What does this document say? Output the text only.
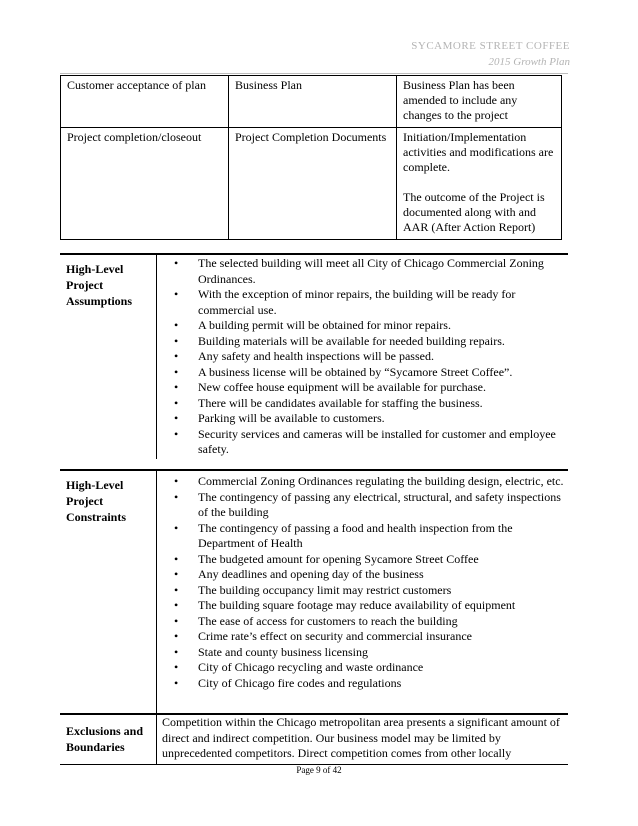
SYCAMORE STREET COFFEE
2015 Growth Plan
Customer acceptance of plan	Business Plan	Business Plan has been amended to include any changes to the project

Project completion/closeout	Project Completion Documents	Initiation/Implementation activities and modifications are complete.

The outcome of the Project is documented along with and AAR (After Action Report)

High-Level Project Assumptions
• The selected building will meet all City of Chicago Commercial Zoning Ordinances.
• With the exception of minor repairs, the building will be ready for commercial use.
• A building permit will be obtained for minor repairs.
• Building materials will be available for needed building repairs.
• Any safety and health inspections will be passed.
• A business license will be obtained by “Sycamore Street Coffee”.
• New coffee house equipment will be available for purchase.
• There will be candidates available for staffing the business.
• Parking will be available to customers.
• Security services and cameras will be installed for customer and employee safety.
High-Level Project Constraints
• Commercial Zoning Ordinances regulating the building design, electric, etc.
• The contingency of passing any electrical, structural, and safety inspections of the building
• The contingency of passing a food and health inspection from the Department of Health
• The budgeted amount for opening Sycamore Street Coffee
• Any deadlines and opening day of the business
• The building occupancy limit may restrict customers
• The building square footage may reduce availability of equipment
• The ease of access for customers to reach the building
• Crime rate’s effect on security and commercial insurance
• State and county business licensing
• City of Chicago recycling and waste ordinance
• City of Chicago fire codes and regulations
Exclusions and Boundaries
Competition within the Chicago metropolitan area presents a significant amount of direct and indirect competition. Our business model may be limited by unprecedented competitors. Direct competition comes from other locally
Page 9 of 42
